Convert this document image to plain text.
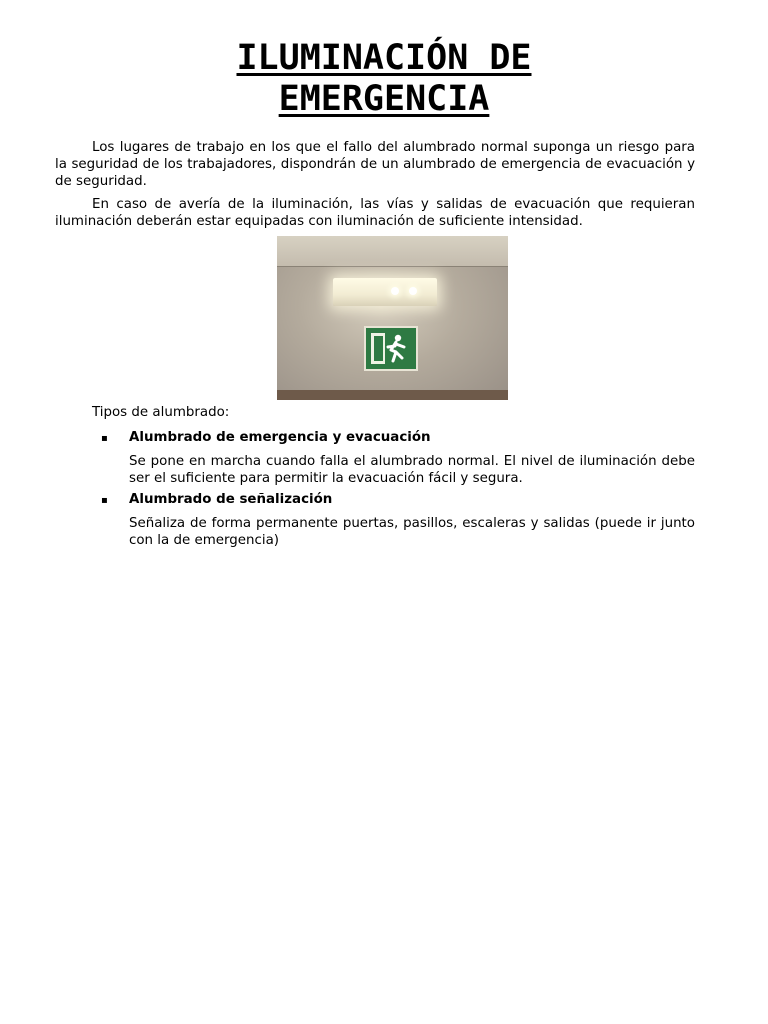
ILUMINACIÓN DE
EMERGENCIA

Los lugares de trabajo en los que el fallo del alumbrado normal suponga un riesgo para la seguridad de los trabajadores, dispondrán de un alumbrado de emergencia de evacuación y de seguridad.

En caso de avería de la iluminación, las vías y salidas de evacuación que requieran iluminación deberán estar equipadas con iluminación de suficiente intensidad.

Tipos de alumbrado:

▪ Alumbrado de emergencia y evacuación

Se pone en marcha cuando falla el alumbrado normal. El nivel de iluminación debe ser el suficiente para permitir la evacuación fácil y segura.

▪ Alumbrado de señalización

Señaliza de forma permanente puertas, pasillos, escaleras y salidas (puede ir junto con la de emergencia)
